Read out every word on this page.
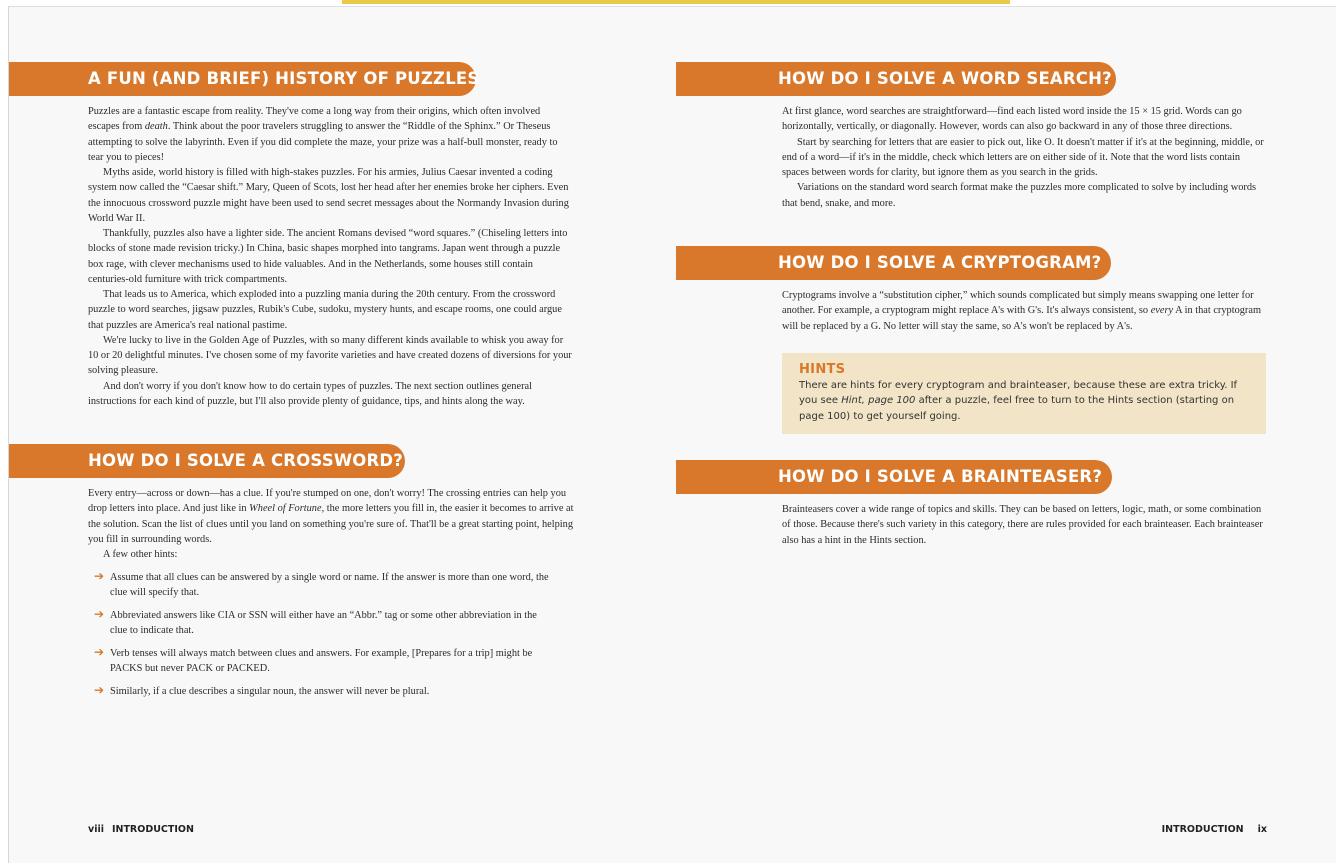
A FUN (AND BRIEF) HISTORY OF PUZZLES

Puzzles are a fantastic escape from reality. They've come a long way from their origins, which often involved escapes from death. Think about the poor travelers struggling to answer the “Riddle of the Sphinx.” Or Theseus attempting to solve the labyrinth. Even if you did complete the maze, your prize was a half-bull monster, ready to tear you to pieces!

Myths aside, world history is filled with high-stakes puzzles. For his armies, Julius Caesar invented a coding system now called the “Caesar shift.” Mary, Queen of Scots, lost her head after her enemies broke her ciphers. Even the innocuous crossword puzzle might have been used to send secret messages about the Normandy Invasion during World War II.

Thankfully, puzzles also have a lighter side. The ancient Romans devised “word squares.” (Chiseling letters into blocks of stone made revision tricky.) In China, basic shapes morphed into tangrams. Japan went through a puzzle box rage, with clever mechanisms used to hide valuables. And in the Netherlands, some houses still contain centuries-old furniture with trick compartments.

That leads us to America, which exploded into a puzzling mania during the 20th century. From the crossword puzzle to word searches, jigsaw puzzles, Rubik's Cube, sudoku, mystery hunts, and escape rooms, one could argue that puzzles are America's real national pastime.

We're lucky to live in the Golden Age of Puzzles, with so many different kinds available to whisk you away for 10 or 20 delightful minutes. I've chosen some of my favorite varieties and have created dozens of diversions for your solving pleasure.

And don't worry if you don't know how to do certain types of puzzles. The next section outlines general instructions for each kind of puzzle, but I'll also provide plenty of guidance, tips, and hints along the way.

HOW DO I SOLVE A CROSSWORD?

Every entry—across or down—has a clue. If you're stumped on one, don't worry! The crossing entries can help you drop letters into place. And just like in Wheel of Fortune, the more letters you fill in, the easier it becomes to arrive at the solution. Scan the list of clues until you land on something you're sure of. That'll be a great starting point, helping you fill in surrounding words.

A few other hints:

➔ Assume that all clues can be answered by a single word or name. If the answer is more than one word, the clue will specify that.
➔ Abbreviated answers like CIA or SSN will either have an “Abbr.” tag or some other abbreviation in the clue to indicate that.
➔ Verb tenses will always match between clues and answers. For example, [Prepares for a trip] might be PACKS but never PACK or PACKED.
➔ Similarly, if a clue describes a singular noun, the answer will never be plural.
viii INTRODUCTION
HOW DO I SOLVE A WORD SEARCH?

At first glance, word searches are straightforward—find each listed word inside the 15 × 15 grid. Words can go horizontally, vertically, or diagonally. However, words can also go backward in any of those three directions.

Start by searching for letters that are easier to pick out, like O. It doesn't matter if it's at the beginning, middle, or end of a word—if it's in the middle, check which letters are on either side of it. Note that the word lists contain spaces between words for clarity, but ignore them as you search in the grids.

Variations on the standard word search format make the puzzles more complicated to solve by including words that bend, snake, and more.

HOW DO I SOLVE A CRYPTOGRAM?

Cryptograms involve a “substitution cipher,” which sounds complicated but simply means swapping one letter for another. For example, a cryptogram might replace A's with G's. It's always consistent, so every A in that cryptogram will be replaced by a G. No letter will stay the same, so A's won't be replaced by A's.

HINTS
There are hints for every cryptogram and brainteaser, because these are extra tricky. If you see Hint, page 100 after a puzzle, feel free to turn to the Hints section (starting on page 100) to get yourself going.
HOW DO I SOLVE A BRAINTEASER?

Brainteasers cover a wide range of topics and skills. They can be based on letters, logic, math, or some combination of those. Because there's such variety in this category, there are rules provided for each brainteaser. Each brainteaser also has a hint in the Hints section.

INTRODUCTION ix
